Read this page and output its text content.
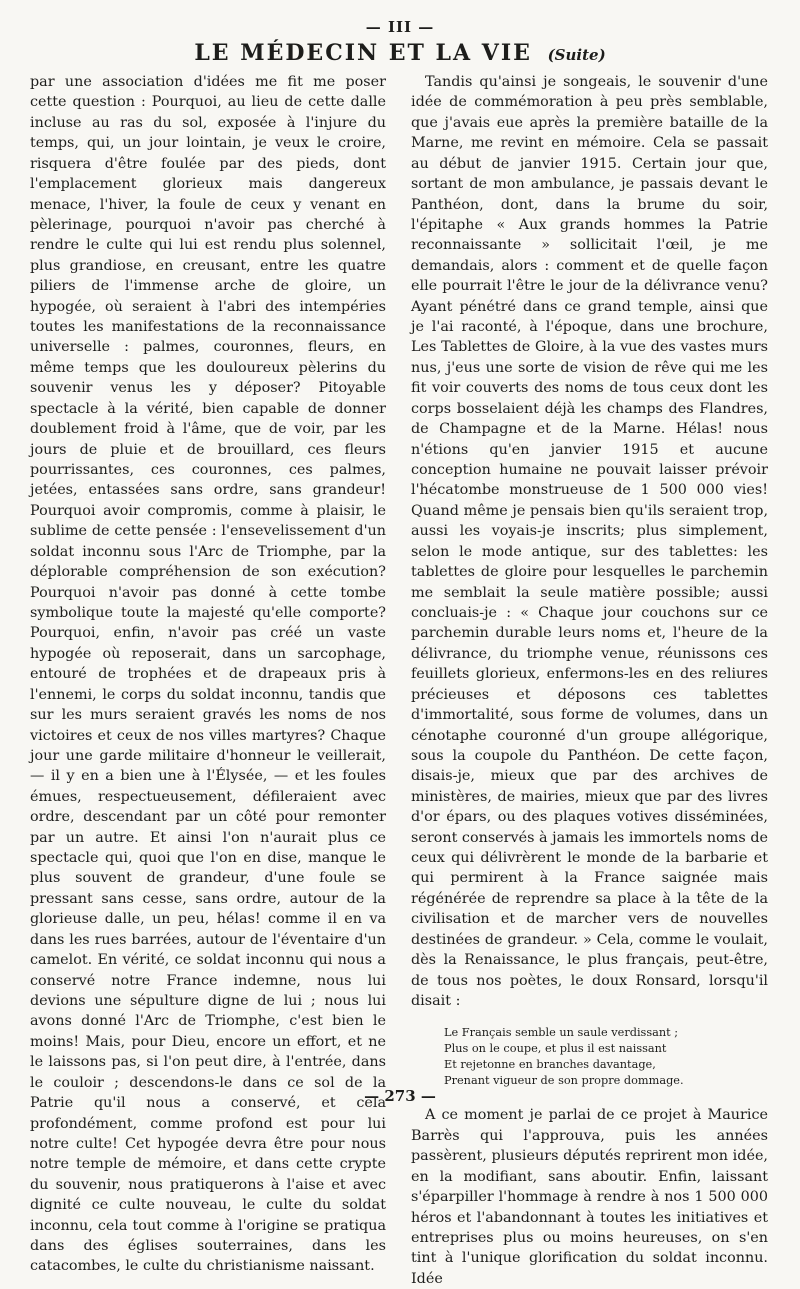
— III —
LE MÉDECIN ET LA VIE (Suite)

par une association d'idées me fit me poser cette question : Pourquoi, au lieu de cette dalle incluse au ras du sol, exposée à l'injure du temps, qui, un jour lointain, je veux le croire, risquera d'être foulée par des pieds, dont l'emplacement glorieux mais dangereux menace, l'hiver, la foule de ceux y venant en pèlerinage, pourquoi n'avoir pas cherché à rendre le culte qui lui est rendu plus solennel, plus grandiose, en creusant, entre les quatre piliers de l'immense arche de gloire, un hypogée, où seraient à l'abri des intempéries toutes les manifestations de la reconnaissance universelle : palmes, couronnes, fleurs, en même temps que les douloureux pèlerins du souvenir venus les y déposer? Pitoyable spectacle à la vérité, bien capable de donner doublement froid à l'âme, que de voir, par les jours de pluie et de brouillard, ces fleurs pourrissantes, ces couronnes, ces palmes, jetées, entassées sans ordre, sans grandeur! Pourquoi avoir compromis, comme à plaisir, le sublime de cette pensée : l'ensevelissement d'un soldat inconnu sous l'Arc de Triomphe, par la déplorable compréhension de son exécution? Pourquoi n'avoir pas donné à cette tombe symbolique toute la majesté qu'elle comporte? Pourquoi, enfin, n'avoir pas créé un vaste hypogée où reposerait, dans un sarcophage, entouré de trophées et de drapeaux pris à l'ennemi, le corps du soldat inconnu, tandis que sur les murs seraient gravés les noms de nos victoires et ceux de nos villes martyres? Chaque jour une garde militaire d'honneur le veillerait, — il y en a bien une à l'Élysée, — et les foules émues, respectueusement, défileraient avec ordre, descendant par un côté pour remonter par un autre. Et ainsi l'on n'aurait plus ce spectacle qui, quoi que l'on en dise, manque le plus souvent de grandeur, d'une foule se pressant sans cesse, sans ordre, autour de la glorieuse dalle, un peu, hélas! comme il en va dans les rues barrées, autour de l'éventaire d'un camelot. En vérité, ce soldat inconnu qui nous a conservé notre France indemne, nous lui devions une sépulture digne de lui ; nous lui avons donné l'Arc de Triomphe, c'est bien le moins! Mais, pour Dieu, encore un effort, et ne le laissons pas, si l'on peut dire, à l'entrée, dans le couloir ; descendons-le dans ce sol de la Patrie qu'il nous a conservé, et cela profondément, comme profond est pour lui notre culte! Cet hypogée devra être pour nous notre temple de mémoire, et dans cette crypte du souvenir, nous pratiquerons à l'aise et avec dignité ce culte nouveau, le culte du soldat inconnu, cela tout comme à l'origine se pratiqua dans des églises souterraines, dans les catacombes, le culte du christianisme naissant.

Tandis qu'ainsi je songeais, le souvenir d'une idée de commémoration à peu près semblable, que j'avais eue après la première bataille de la Marne, me revint en mémoire. Cela se passait au début de janvier 1915. Certain jour que, sortant de mon ambulance, je passais devant le Panthéon, dont, dans la brume du soir, l'épitaphe « Aux grands hommes la Patrie reconnaissante » sollicitait l'œil, je me demandais, alors : comment et de quelle façon elle pourrait l'être le jour de la délivrance venu? Ayant pénétré dans ce grand temple, ainsi que je l'ai raconté, à l'époque, dans une brochure, Les Tablettes de Gloire, à la vue des vastes murs nus, j'eus une sorte de vision de rêve qui me les fit voir couverts des noms de tous ceux dont les corps bosselaient déjà les champs des Flandres, de Champagne et de la Marne. Hélas! nous n'étions qu'en janvier 1915 et aucune conception humaine ne pouvait laisser prévoir l'hécatombe monstrueuse de 1 500 000 vies! Quand même je pensais bien qu'ils seraient trop, aussi les voyais-je inscrits; plus simplement, selon le mode antique, sur des tablettes: les tablettes de gloire pour lesquelles le parchemin me semblait la seule matière possible; aussi concluais-je : « Chaque jour couchons sur ce parchemin durable leurs noms et, l'heure de la délivrance, du triomphe venue, réunissons ces feuillets glorieux, enfermons-les en des reliures précieuses et déposons ces tablettes d'immortalité, sous forme de volumes, dans un cénotaphe couronné d'un groupe allégorique, sous la coupole du Panthéon. De cette façon, disais-je, mieux que par des archives de ministères, de mairies, mieux que par des livres d'or épars, ou des plaques votives disséminées, seront conservés à jamais les immortels noms de ceux qui délivrèrent le monde de la barbarie et qui permirent à la France saignée mais régénérée de reprendre sa place à la tête de la civilisation et de marcher vers de nouvelles destinées de grandeur. » Cela, comme le voulait, dès la Renaissance, le plus français, peut-être, de tous nos poètes, le doux Ronsard, lorsqu'il disait :

Le Français semble un saule verdissant ;
Plus on le coupe, et plus il est naissant
Et rejetonne en branches davantage,
Prenant vigueur de son propre dommage.

A ce moment je parlai de ce projet à Maurice Barrès qui l'approuva, puis les années passèrent, plusieurs députés reprirent mon idée, en la modifiant, sans aboutir. Enfin, laissant s'éparpiller l'hommage à rendre à nos 1 500 000 héros et l'abandonnant à toutes les initiatives et entreprises plus ou moins heureuses, on s'en tint à l'unique glorification du soldat inconnu. Idée

— 273 —
